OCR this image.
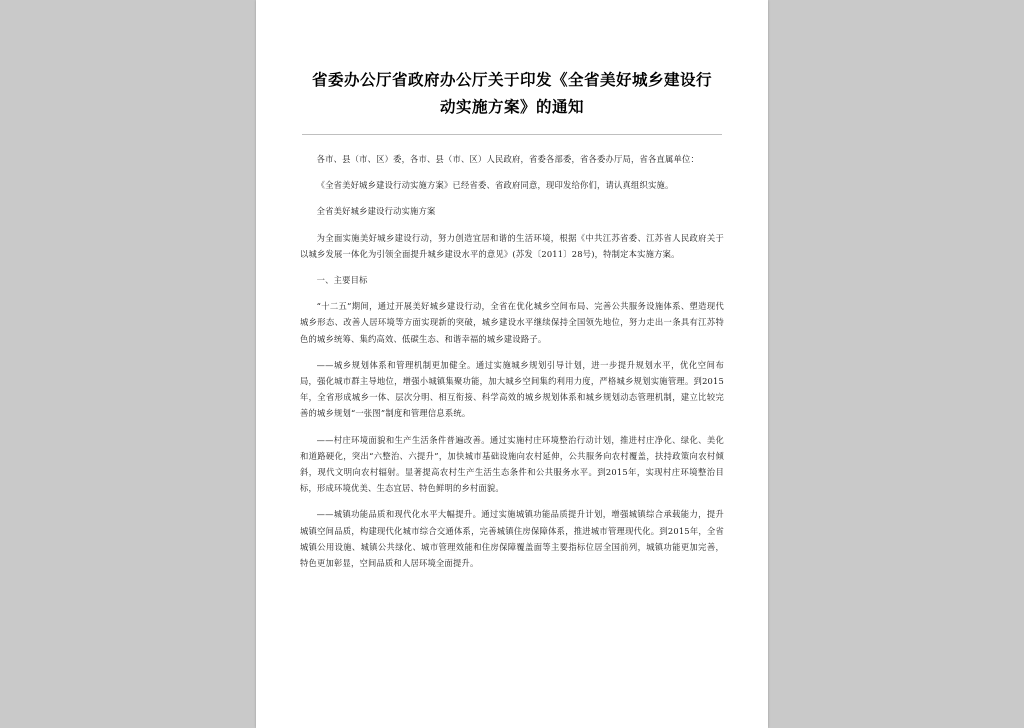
省委办公厅省政府办公厅关于印发《全省美好城乡建设行动实施方案》的通知

各市、县（市、区）委，各市、县（市、区）人民政府，省委各部委，省各委办厅局，省各直属单位：

《全省美好城乡建设行动实施方案》已经省委、省政府同意，现印发给你们，请认真组织实施。

全省美好城乡建设行动实施方案

为全面实施美好城乡建设行动，努力创造宜居和谐的生活环境，根据《中共江苏省委、江苏省人民政府关于以城乡发展一体化为引领全面提升城乡建设水平的意见》(苏发〔2011〕28号)，特制定本实施方案。

一、主要目标

“十二五”期间，通过开展美好城乡建设行动，全省在优化城乡空间布局、完善公共服务设施体系、塑造现代城乡形态、改善人居环境等方面实现新的突破，城乡建设水平继续保持全国领先地位，努力走出一条具有江苏特色的城乡统筹、集约高效、低碳生态、和谐幸福的城乡建设路子。

——城乡规划体系和管理机制更加健全。通过实施城乡规划引导计划，进一步提升规划水平，优化空间布局，强化城市群主导地位，增强小城镇集聚功能，加大城乡空间集约利用力度，严格城乡规划实施管理。到2015年，全省形成城乡一体、层次分明、相互衔接、科学高效的城乡规划体系和城乡规划动态管理机制，建立比较完善的城乡规划“一张图”制度和管理信息系统。

——村庄环境面貌和生产生活条件普遍改善。通过实施村庄环境整治行动计划，推进村庄净化、绿化、美化和道路硬化，突出“六整治、六提升”，加快城市基础设施向农村延伸，公共服务向农村覆盖，扶持政策向农村倾斜，现代文明向农村辐射。显著提高农村生产生活生态条件和公共服务水平。到2015年，实现村庄环境整治目标，形成环境优美、生态宜居、特色鲜明的乡村面貌。

——城镇功能品质和现代化水平大幅提升。通过实施城镇功能品质提升计划，增强城镇综合承载能力，提升城镇空间品质，构建现代化城市综合交通体系，完善城镇住房保障体系，推进城市管理现代化。到2015年，全省城镇公用设施、城镇公共绿化、城市管理效能和住房保障覆盖面等主要指标位居全国前列，城镇功能更加完善，特色更加彰显，空间品质和人居环境全面提升。
